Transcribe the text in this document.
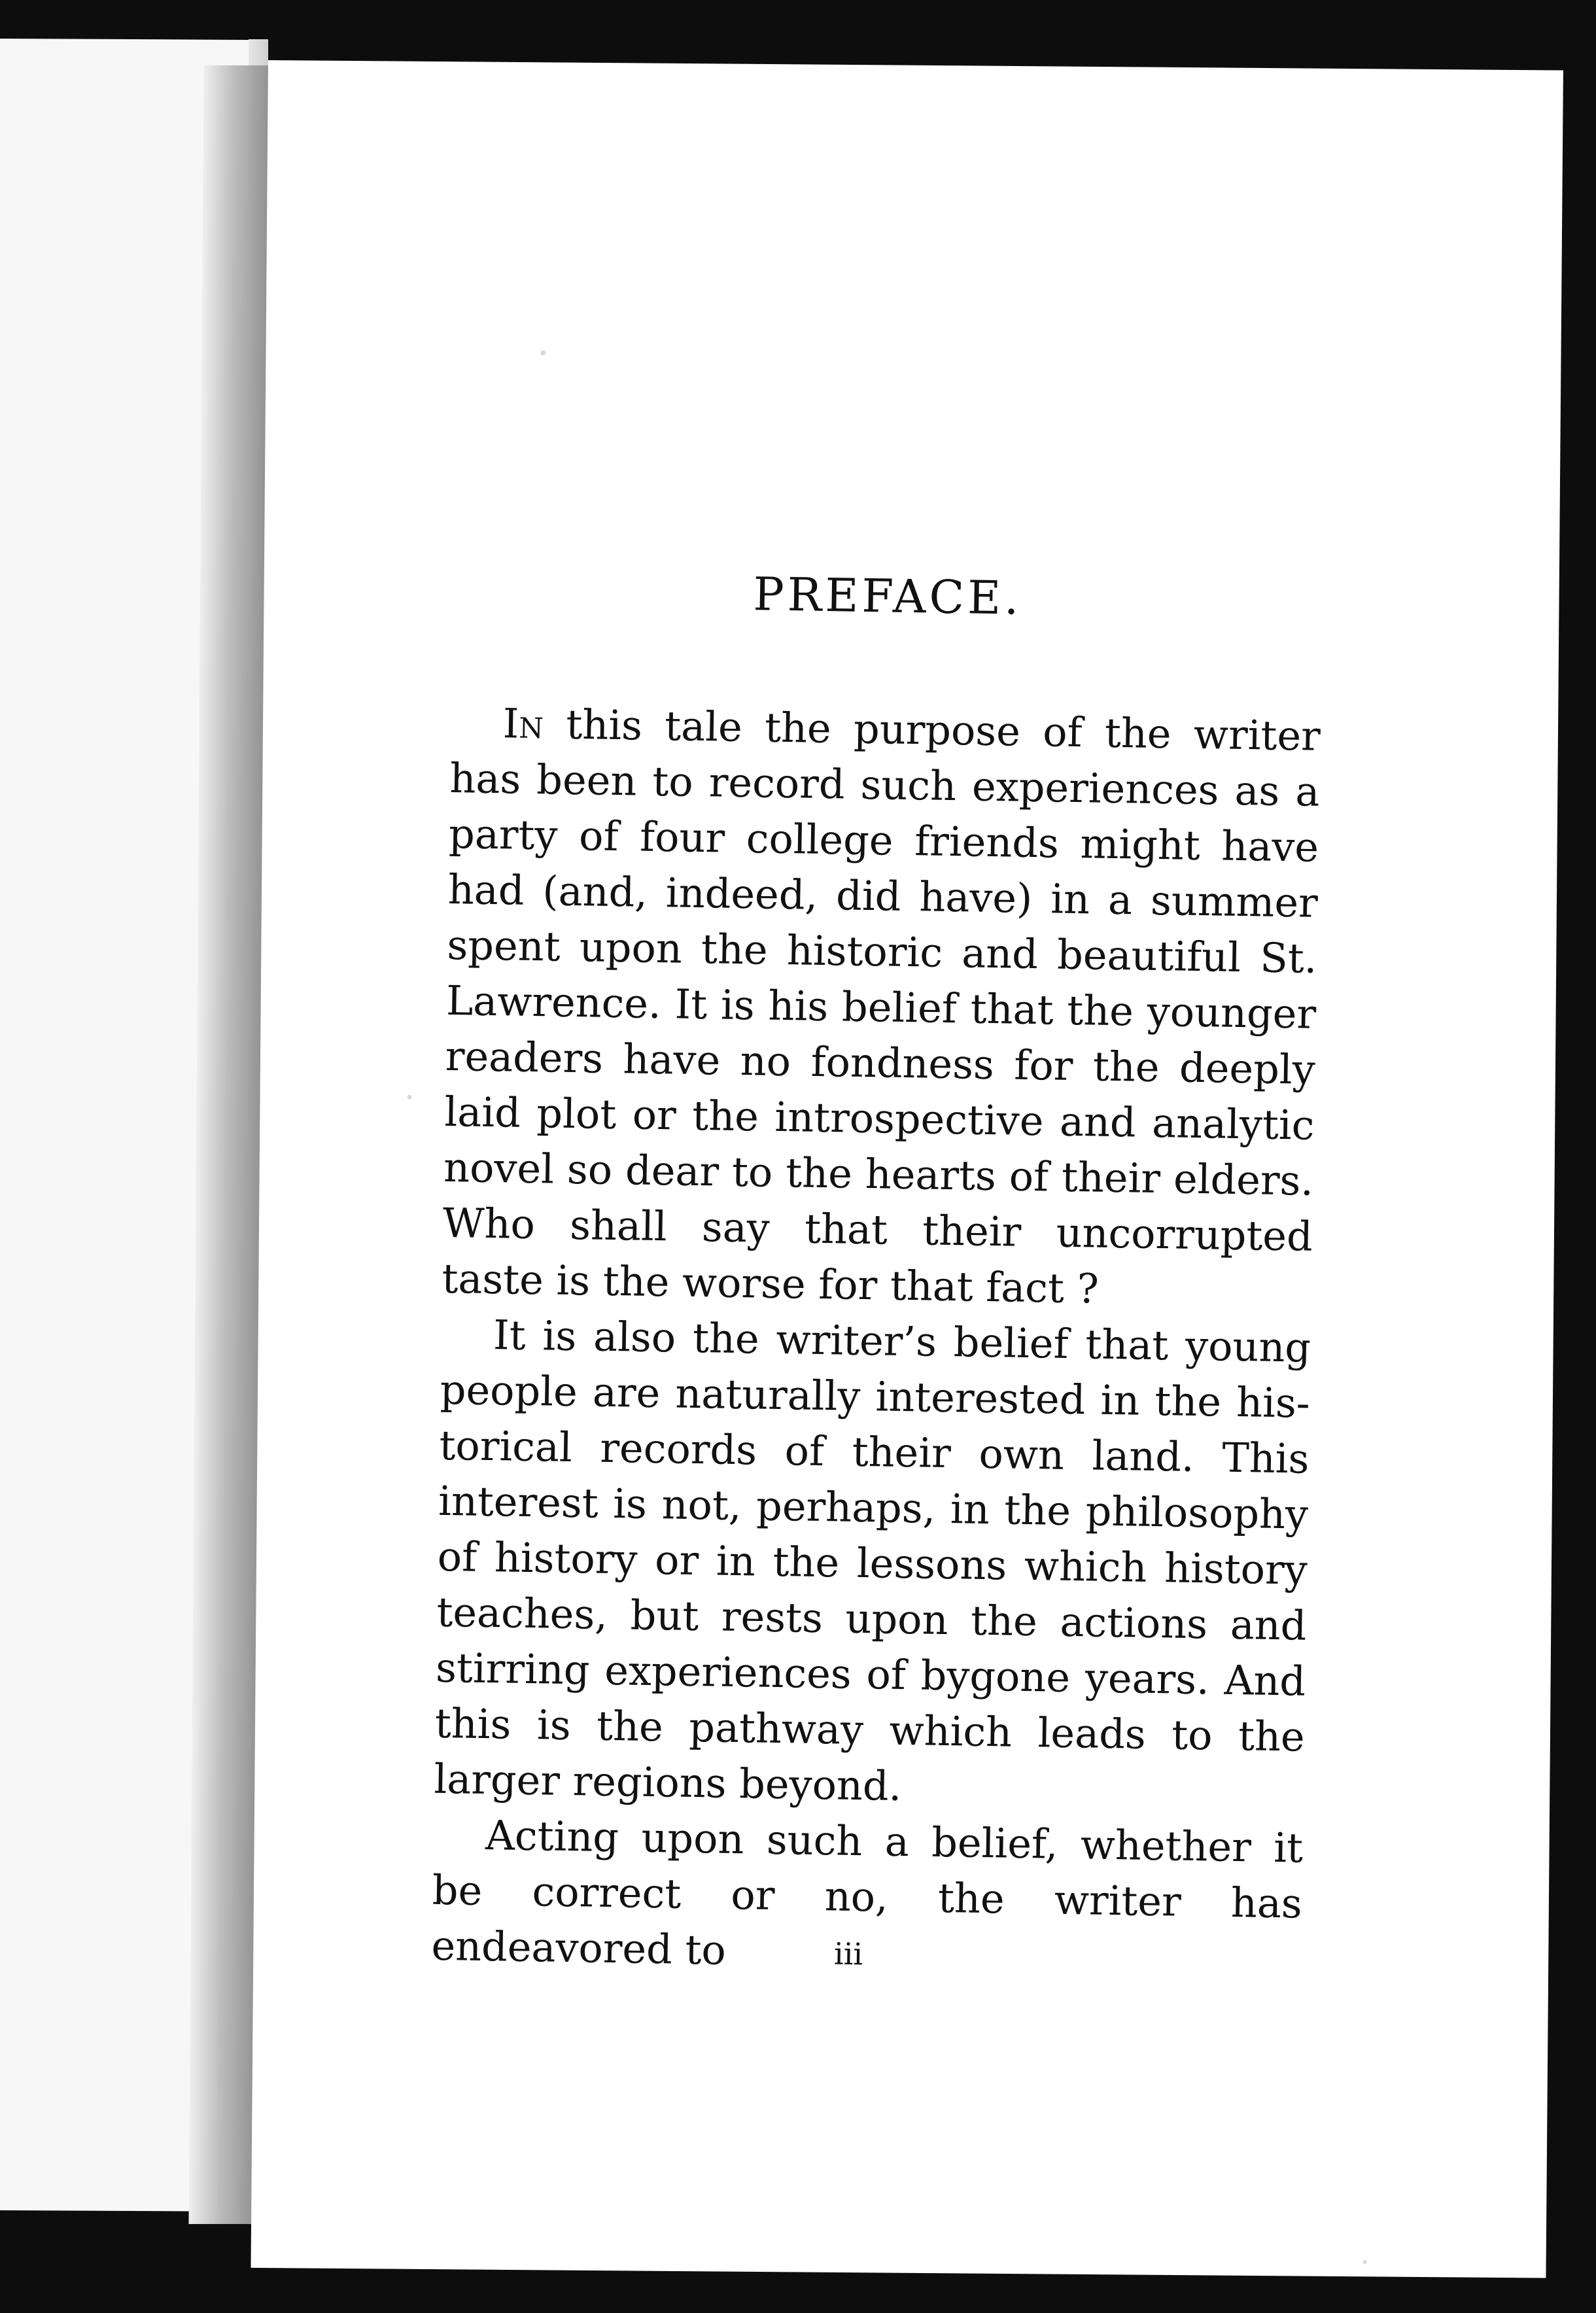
PREFACE.

In this tale the purpose of the writer has been to record such experiences as a party of four college friends might have had (and, indeed, did have) in a summer spent upon the historic and beautiful St. Lawrence. It is his belief that the younger readers have no fondness for the deeply laid plot or the introspective and analytic novel so dear to the hearts of their elders. Who shall say that their uncorrupted taste is the worse for that fact ?

It is also the writer’s belief that young people are naturally interested in the his- torical records of their own land. This interest is not, perhaps, in the philosophy of history or in the lessons which history teaches, but rests upon the actions and stirring experiences of bygone years. And this is the pathway which leads to the larger regions beyond.

Acting upon such a belief, whether it be correct or no, the writer has endeavored to	iii
